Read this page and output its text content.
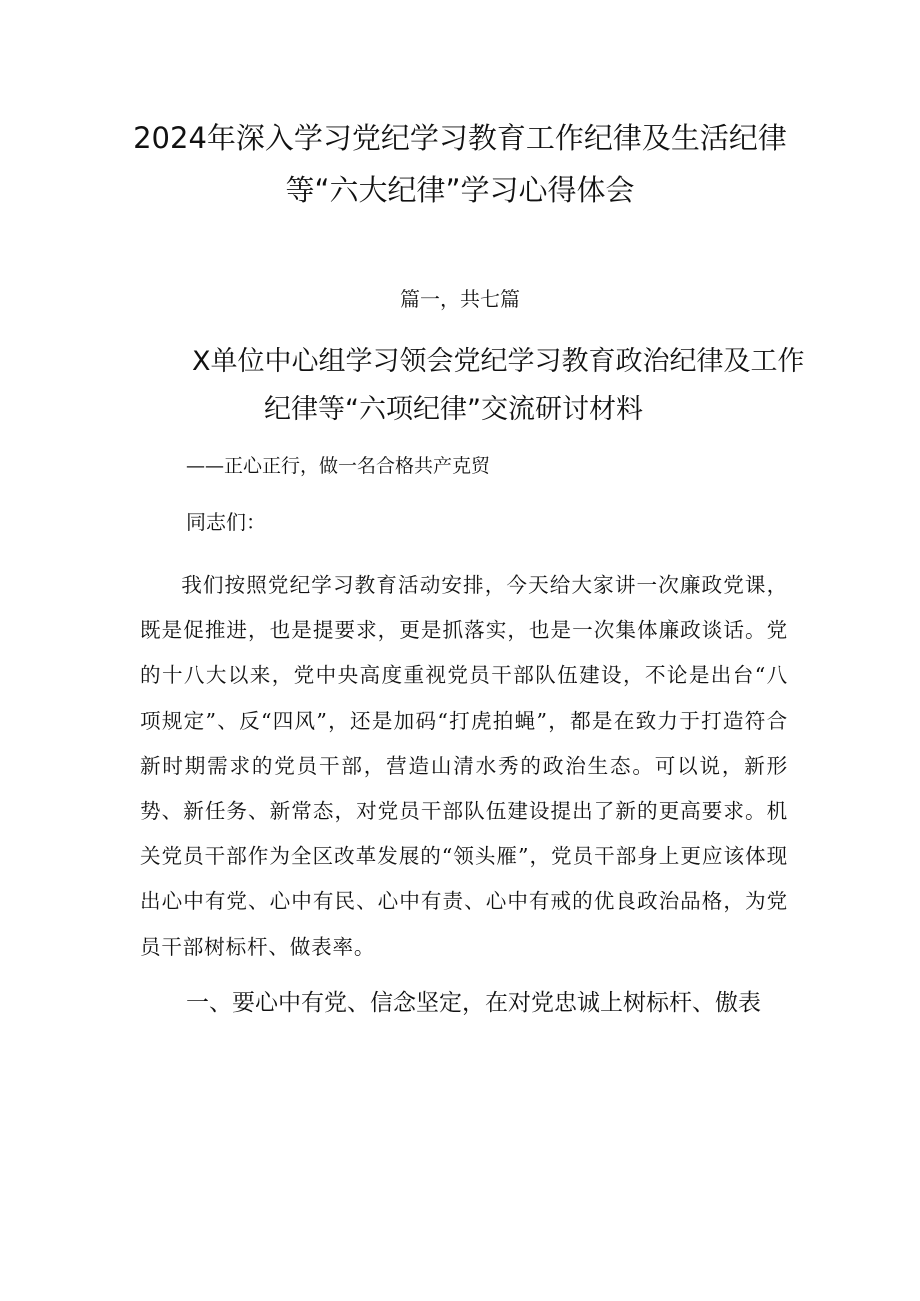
2024年深入学习党纪学习教育工作纪律及生活纪律
等“六大纪律”学习心得体会

篇一，共七篇

X单位中心组学习领会党纪学习教育政治纪律及工作
纪律等“六项纪律”交流研讨材料

——正心正行，做一名合格共产克贸

同志们：

我们按照党纪学习教育活动安排，今天给大家讲一次廉政党课，既是促推进，也是提要求，更是抓落实，也是一次集体廉政谈话。党的十八大以来，党中央高度重视党员干部队伍建设，不论是出台“八项规定”、反“四风”，还是加码“打虎拍蝇”，都是在致力于打造符合新时期需求的党员干部，营造山清水秀的政治生态。可以说，新形势、新任务、新常态，对党员干部队伍建设提出了新的更高要求。机关党员干部作为全区改革发展的“领头雁”，党员干部身上更应该体现出心中有党、心中有民、心中有责、心中有戒的优良政治品格，为党员干部树标杆、做表率。

一、要心中有党、信念坚定，在对党忠诚上树标杆、傲表
